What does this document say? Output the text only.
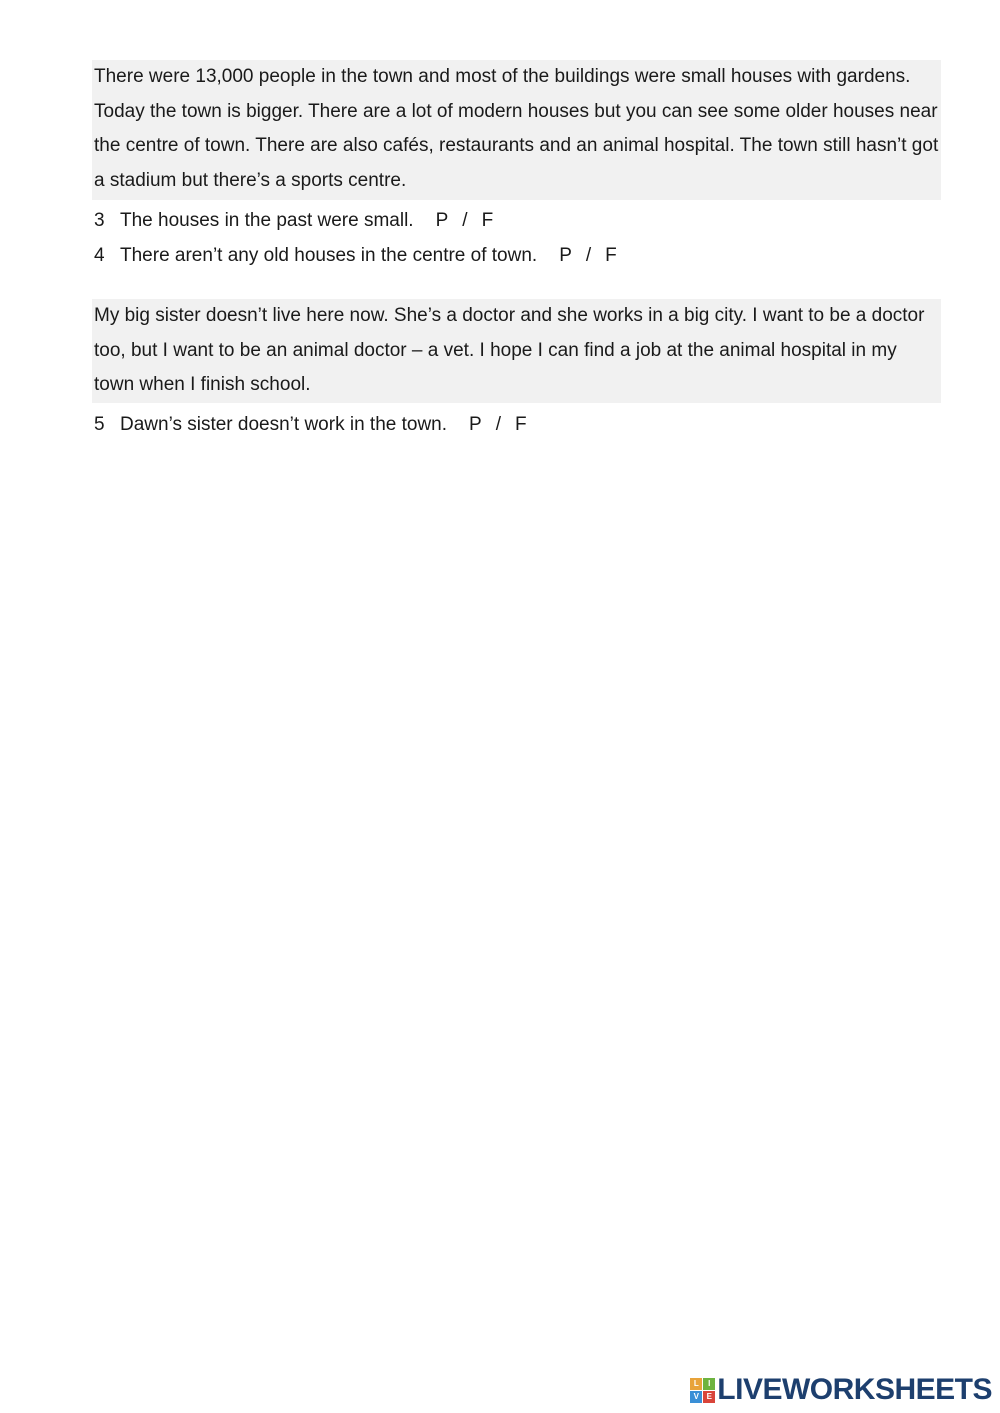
There were 13,000 people in the town and most of the buildings were small houses with gardens. Today the town is bigger. There are a lot of modern houses but you can see some older houses near the centre of town. There are also cafés, restaurants and an animal hospital. The town still hasn’t got a stadium but there’s a sports centre.

3 The houses in the past were small. P / F
4 There aren’t any old houses in the centre of town. P / F

My big sister doesn’t live here now. She’s a doctor and she works in a big city. I want to be a doctor too, but I want to be an animal doctor – a vet. I hope I can find a job at the animal hospital in my town when I finish school.

5 Dawn’s sister doesn’t work in the town. P / F
L	I
V E LIVEWORKSHEETS
